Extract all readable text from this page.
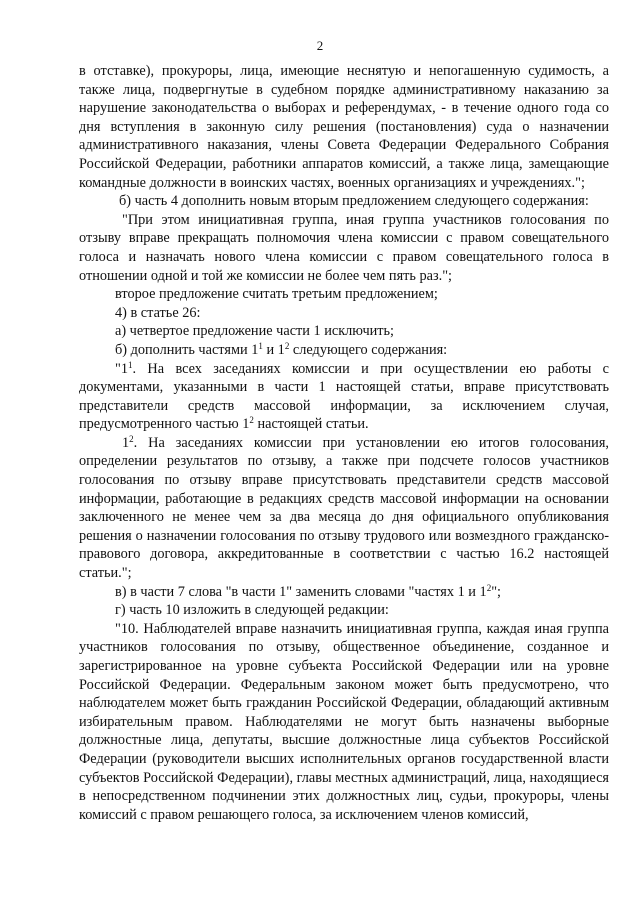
2

в отставке), прокуроры, лица, имеющие неснятую и непогашенную судимость, а также лица, подвергнутые в судебном порядке административному наказанию за нарушение законодательства о выборах и референдумах, - в течение одного года со дня вступления в законную силу решения (постановления) суда о назначении административного наказания, члены Совета Федерации Федерального Собрания Российской Федерации, работники аппаратов комиссий, а также лица, замещающие командные должности в воинских частях, военных организациях и учреждениях.";

б) часть 4 дополнить новым вторым предложением следующего содержания:

"При этом инициативная группа, иная группа участников голосования по отзыву вправе прекращать полномочия члена комиссии с правом совещательного голоса и назначать нового члена комиссии с правом совещательного голоса в отношении одной и той же комиссии не более чем пять раз.";

второе предложение считать третьим предложением;

4) в статье 26:

а) четвертое предложение части 1 исключить;

б) дополнить частями $1^1$ и $1^2$ следующего содержания:

"$1^1$. На всех заседаниях комиссии и при осуществлении ею работы с документами, указанными в части 1 настоящей статьи, вправе присутствовать представители средств массовой информации, за исключением случая, предусмотренного частью $1^2$ настоящей статьи.

$1^2$. На заседаниях комиссии при установлении ею итогов голосования, определении результатов по отзыву, а также при подсчете голосов участников голосования по отзыву вправе присутствовать представители средств массовой информации, работающие в редакциях средств массовой информации на основании заключенного не менее чем за два месяца до дня официального опубликования решения о назначении голосования по отзыву трудового или возмездного гражданско-правового договора, аккредитованные в соответствии с частью 16.2 настоящей статьи.";

в) в части 7 слова "в части 1" заменить словами "частях 1 и $1^2$";

г) часть 10 изложить в следующей редакции:

"10. Наблюдателей вправе назначить инициативная группа, каждая иная группа участников голосования по отзыву, общественное объединение, созданное и зарегистрированное на уровне субъекта Российской Федерации или на уровне Российской Федерации. Федеральным законом может быть предусмотрено, что наблюдателем может быть гражданин Российской Федерации, обладающий активным избирательным правом. Наблюдателями не могут быть назначены выборные должностные лица, депутаты, высшие должностные лица субъектов Российской Федерации (руководители высших исполнительных органов государственной власти субъектов Российской Федерации), главы местных администраций, лица, находящиеся в непосредственном подчинении этих должностных лиц, судьи, прокуроры, члены комиссий с правом решающего голоса, за исключением членов комиссий,
